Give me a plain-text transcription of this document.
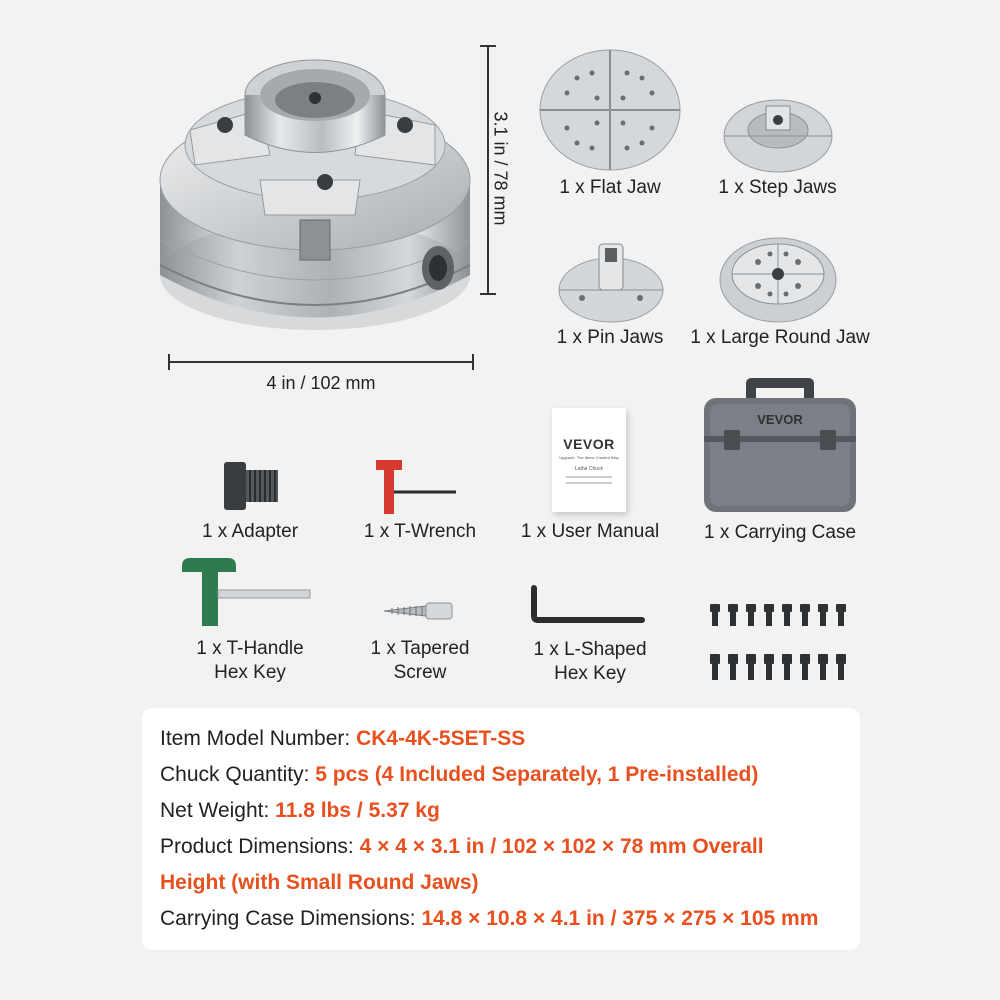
3.1 in / 78 mm
4 in / 102 mm
1 x Flat Jaw	1 x Step Jaws
1 x Pin Jaws	1 x Large Round Jaw
1 x Adapter	1 x T-Wrench
VEVOR
Upgrade. The Items Created Way
Lathe Chuck
1 x User Manual
VEVOR
1 x Carrying Case
1 x T-Handle
Hex Key
1 x Tapered
Screw
1 x L-Shaped
Hex Key
Item Model Number: CK4-4K-5SET-SS
Chuck Quantity: 5 pcs (4 Included Separately, 1 Pre-installed)
Net Weight: 11.8 lbs / 5.37 kg
Product Dimensions: 4 × 4 × 3.1 in / 102 × 102 × 78 mm Overall
Height (with Small Round Jaws)
Carrying Case Dimensions: 14.8 × 10.8 × 4.1 in / 375 × 275 × 105 mm
